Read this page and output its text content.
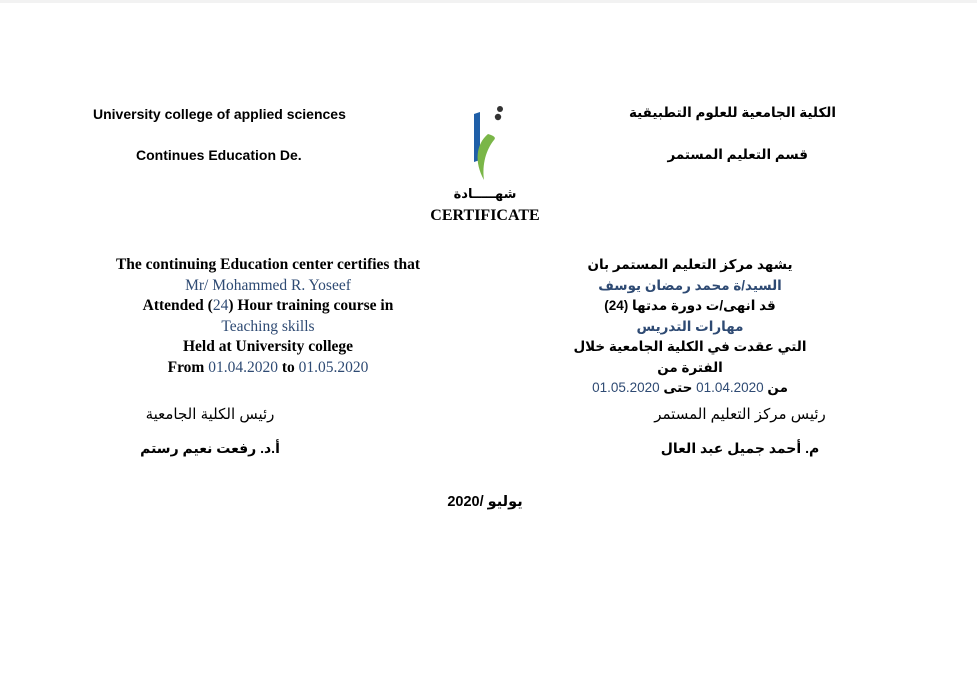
University college of applied sciences
Continues Education De.
الكلية الجامعية للعلوم التطبيقية
قسم التعليم المستمر
شهـــــادة
CERTIFICATE
The continuing Education center certifies that
Mr/ Mohammed R. Yoseef
Attended (24) Hour training course in
Teaching skills
Held at University college
From 01.04.2020 to 01.05.2020
يشهد مركز التعليم المستمر بان
السيد/ة محمد رمضان يوسف
قد انهى/ت دورة مدتها (24)
مهارات التدريس
التي عقدت في الكلية الجامعية خلال الفترة من
من 01.04.2020 حتى 01.05.2020
رئيس الكلية الجامعية
أ.د. رفعت نعيم رستم
رئيس مركز التعليم المستمر
م. أحمد جميل عبد العال
يوليو /2020
